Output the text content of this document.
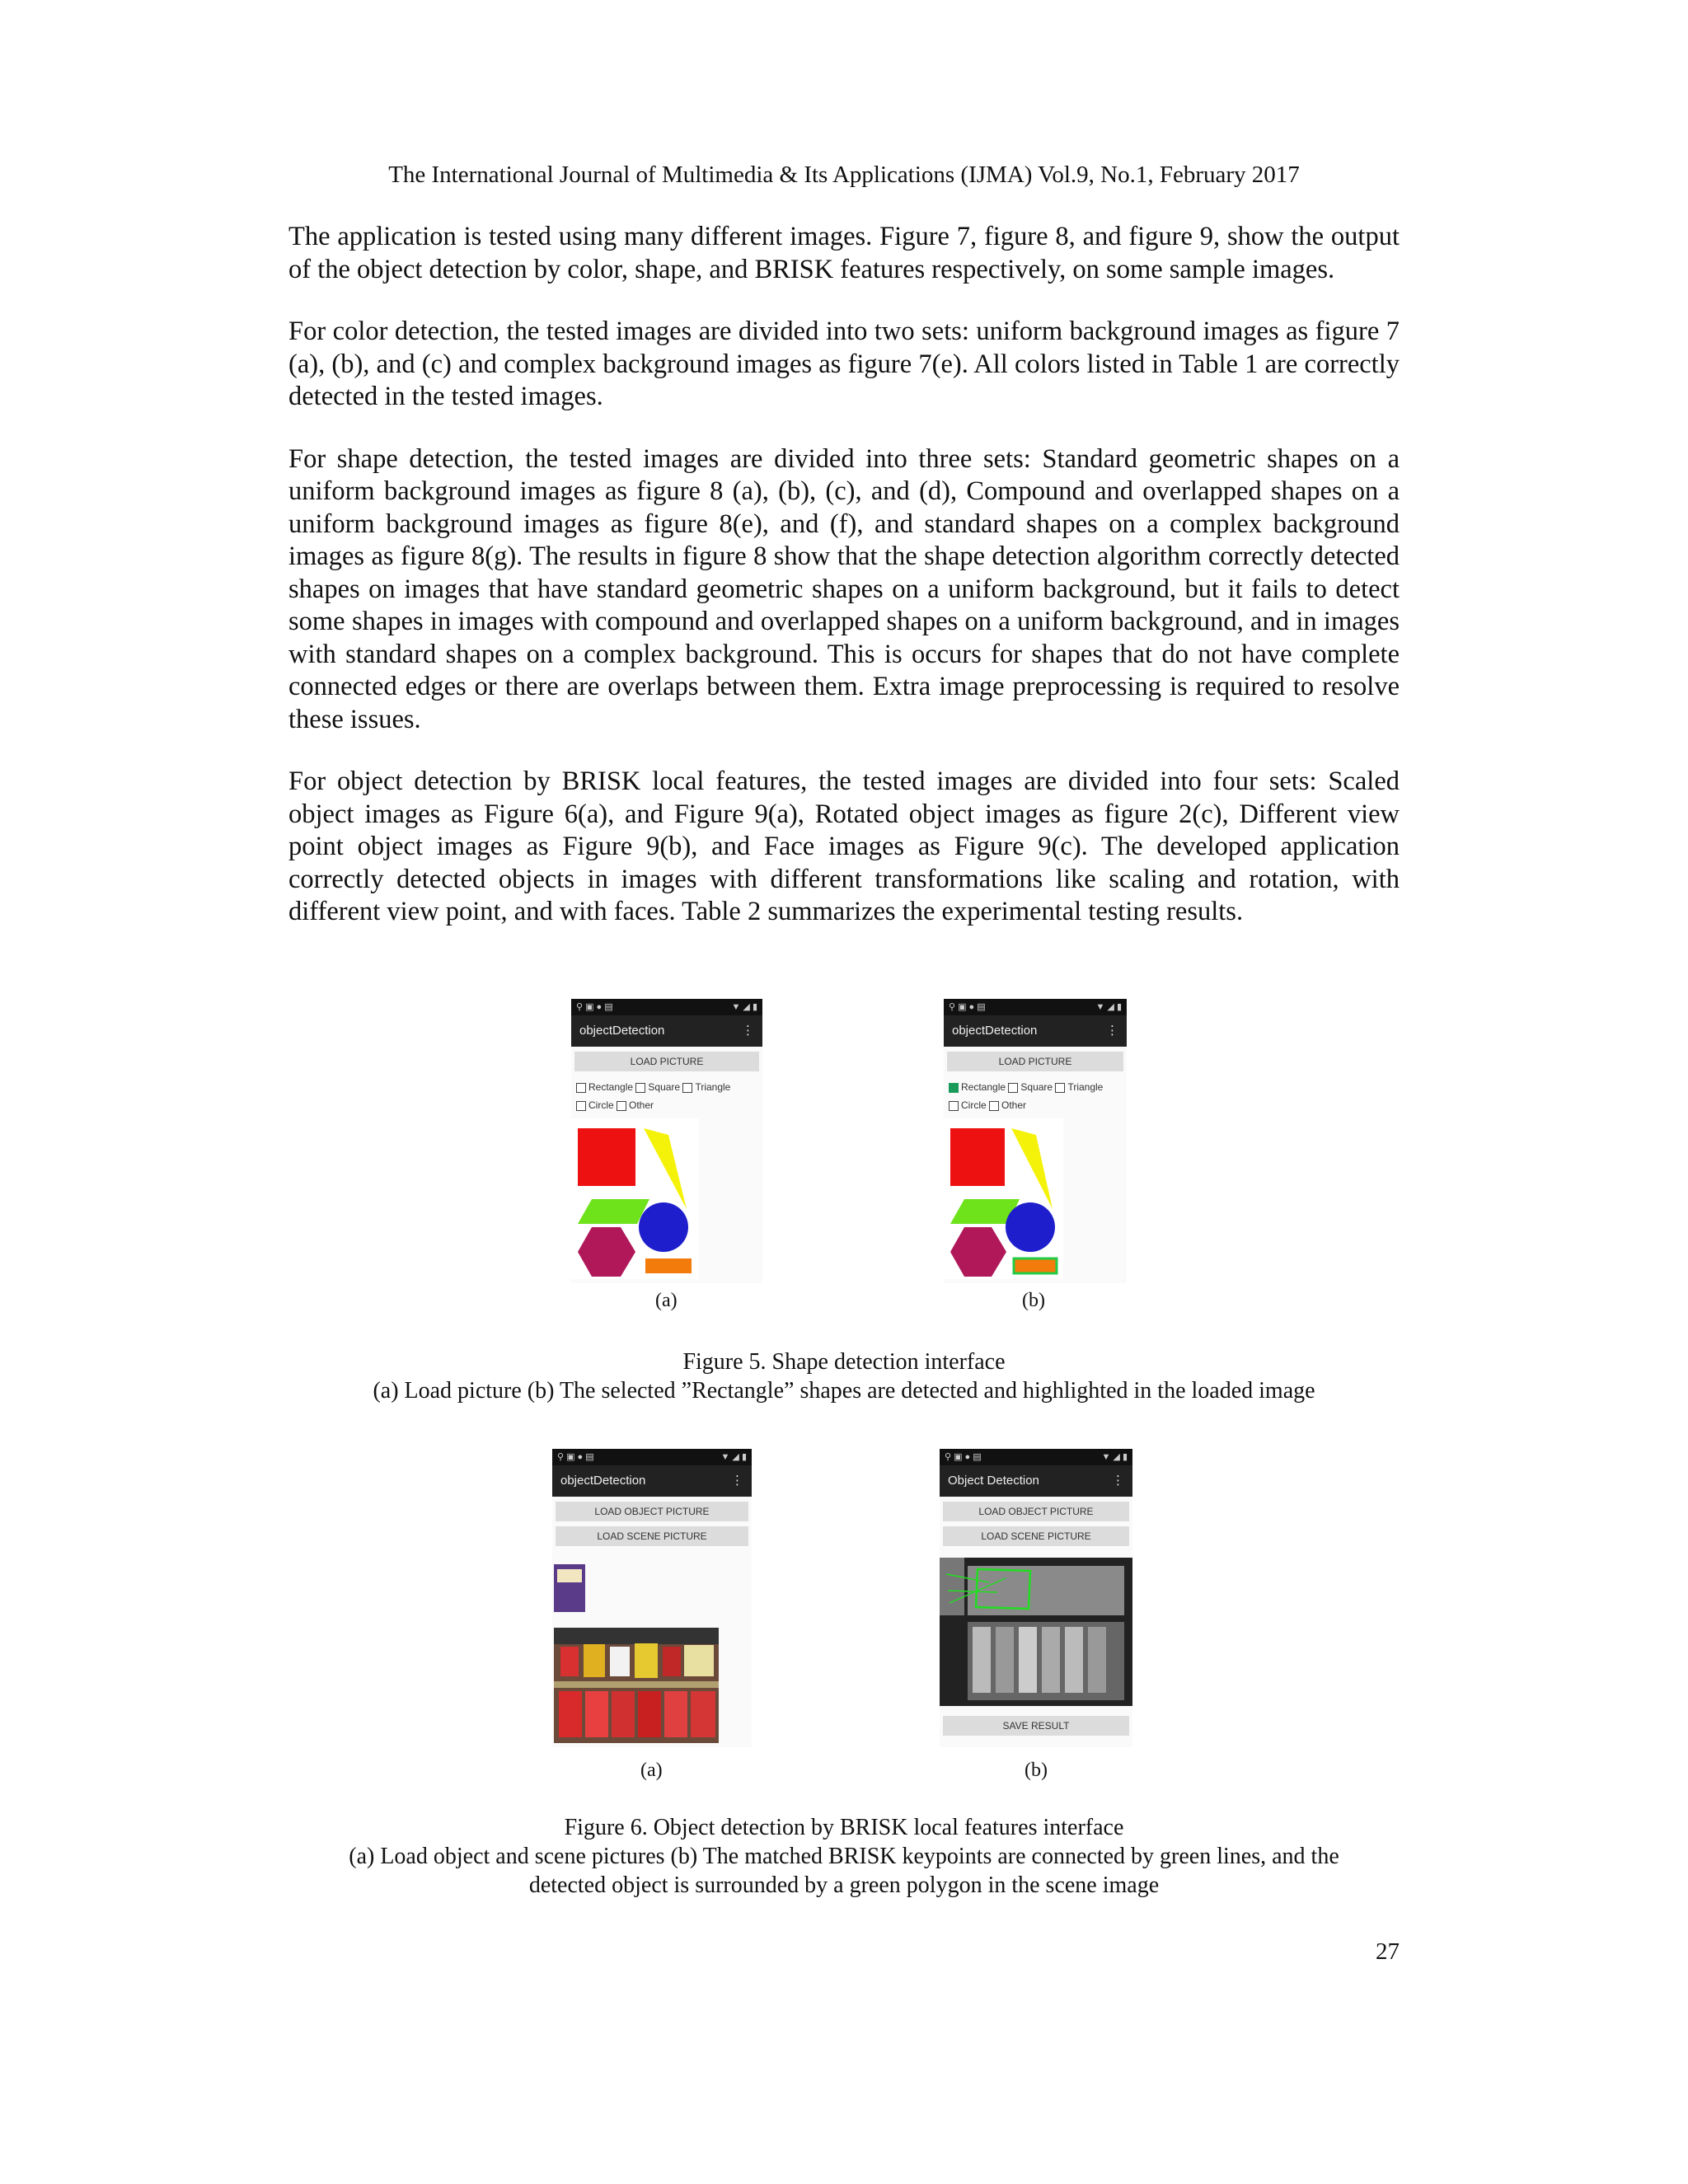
The International Journal of Multimedia & Its Applications (IJMA) Vol.9, No.1, February 2017

The application is tested using many different images. Figure 7, figure 8, and figure 9, show the output of the object detection by color, shape, and BRISK features respectively, on some sample images.

For color detection, the tested images are divided into two sets: uniform background images as figure 7 (a), (b), and (c) and complex background images as figure 7(e). All colors listed in Table 1 are correctly detected in the tested images.

For shape detection, the tested images are divided into three sets: Standard geometric shapes on a uniform background images as figure 8 (a), (b), (c), and (d), Compound and overlapped shapes on a uniform background images as figure 8(e), and (f), and standard shapes on a complex background images as figure 8(g). The results in figure 8 show that the shape detection algorithm correctly detected shapes on images that have standard geometric shapes on a uniform background, but it fails to detect some shapes in images with compound and overlapped shapes on a uniform background, and in images with standard shapes on a complex background. This is occurs for shapes that do not have complete connected edges or there are overlaps between them. Extra image preprocessing is required to resolve these issues.

For object detection by BRISK local features, the tested images are divided into four sets: Scaled object images as Figure 6(a), and Figure 9(a), Rotated object images as figure 2(c), Different view point object images as Figure 9(b), and Face images as Figure 9(c). The developed application correctly detected objects in images with different transformations like scaling and rotation, with different view point, and with faces. Table 2 summarizes the experimental testing results.

⚲ ▣ ● ▤	▼ ◢ ▮
objectDetection	⋮
LOAD PICTURE
Rectangle Square Triangle
Circle Other
(a)
⚲ ▣ ● ▤	▼ ◢ ▮
objectDetection	⋮
LOAD PICTURE
Rectangle Square Triangle
Circle Other
(b)
Figure 5. Shape detection interface
(a) Load picture (b) The selected ”Rectangle” shapes are detected and highlighted in the loaded image
⚲ ▣ ● ▤	▼ ◢ ▮
objectDetection	⋮
LOAD OBJECT PICTURE
LOAD SCENE PICTURE
(a)
⚲ ▣ ● ▤	▼ ◢ ▮
Object Detection	⋮
LOAD OBJECT PICTURE
LOAD SCENE PICTURE
SAVE RESULT
(b)
Figure 6. Object detection by BRISK local features interface
(a) Load object and scene pictures (b) The matched BRISK keypoints are connected by green lines, and the
detected object is surrounded by a green polygon in the scene image
27
